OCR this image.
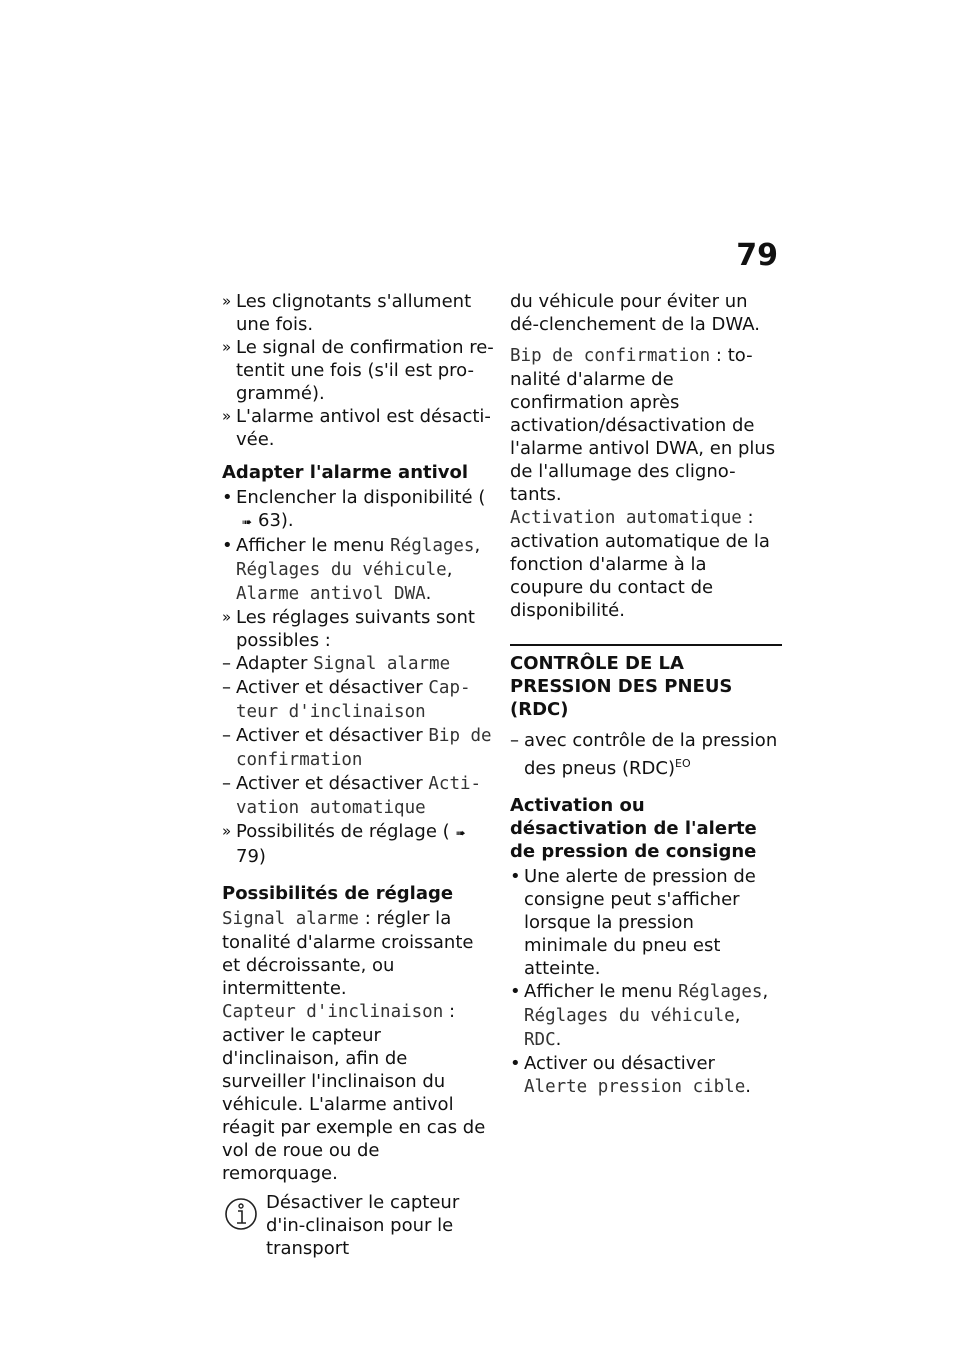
79

» Les clignotants s'allument une fois.

» Le signal de confirmation re-tentit une fois (s'il est pro-grammé).

» L'alarme antivol est désacti-vée.

Adapter l'alarme antivol

• Enclencher la disponibilité (➠ 63).

• Afficher le menu Réglages, Réglages du véhicule, Alarme antivol DWA.

» Les réglages suivants sont possibles :

– Adapter Signal alarme

– Activer et désactiver Cap-teur d'inclinaison

– Activer et désactiver Bip de confirmation

– Activer et désactiver Acti-vation automatique

» Possibilités de réglage ( ➠79)

Possibilités de réglage

Signal alarme : régler la tonalité d'alarme croissante et décroissante, ou intermittente.

Capteur d'inclinaison : activer le capteur d'inclinaison, afin de surveiller l'inclinaison du véhicule. L'alarme antivol réagit par exemple en cas de vol de roue ou de remorquage.

Désactiver le capteur d'in-clinaison pour le transport

du véhicule pour éviter un dé-clenchement de la DWA.

Bip de confirmation : to-nalité d'alarme de confirmation après activation/désactivation de l'alarme antivol DWA, en plus de l'allumage des cligno-tants.

Activation automatique : activation automatique de la fonction d'alarme à la coupure du contact de disponibilité.

CONTRÔLE DE LA PRESSION DES PNEUS (RDC)

– avec contrôle de la pression des pneus (RDC)$^{EO}$

Activation ou désactivation de l'alerte de pression de consigne

• Une alerte de pression de consigne peut s'afficher lorsque la pression minimale du pneu est atteinte.

• Afficher le menu Réglages, Réglages du véhicule, RDC.

• Activer ou désactiver Alerte pression cible.
